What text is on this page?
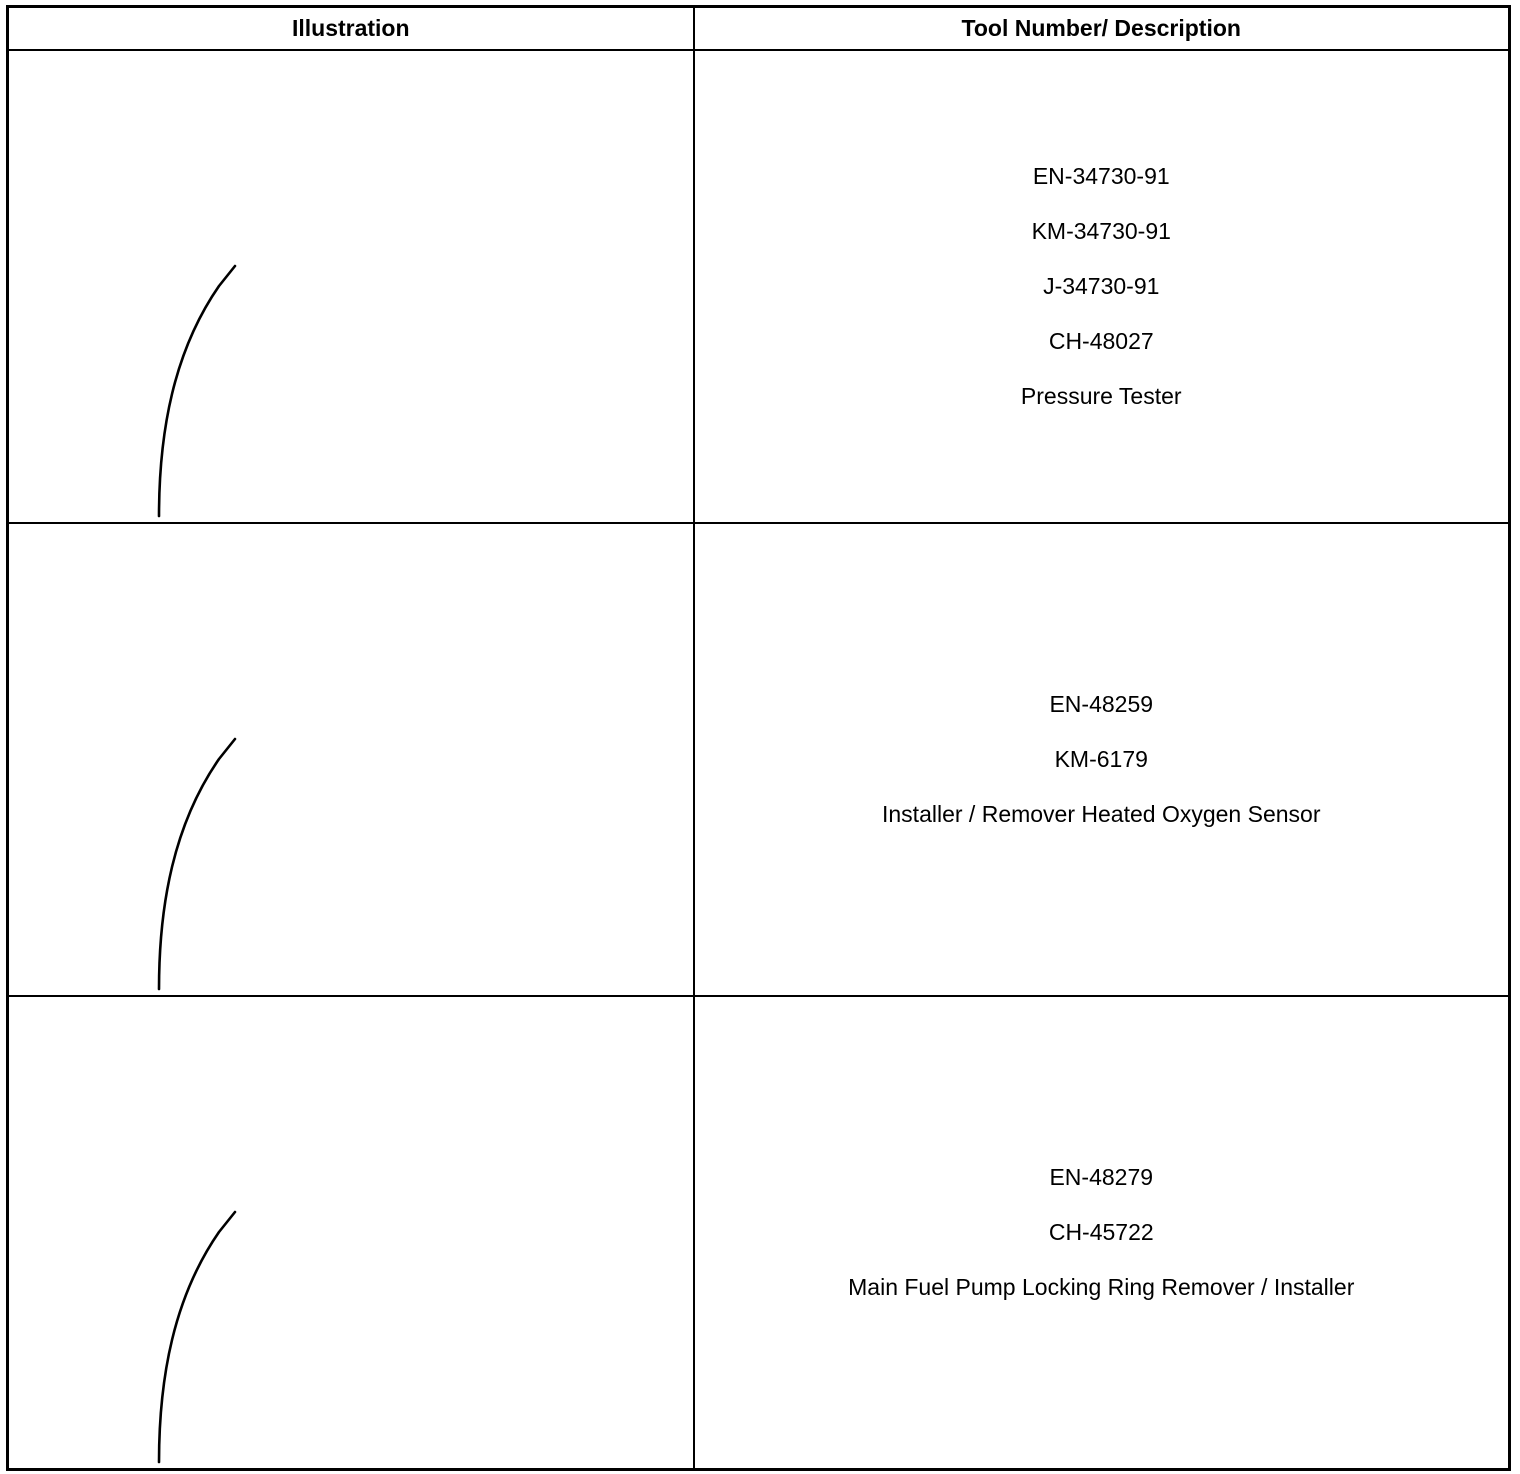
Illustration	Tool Number/ Description

EN-34730-91
KM-34730-91
J-34730-91
CH-48027
Pressure Tester

EN-48259
KM-6179
Installer / Remover Heated Oxygen Sensor

EN-48279
CH-45722
Main Fuel Pump Locking Ring Remover / Installer
